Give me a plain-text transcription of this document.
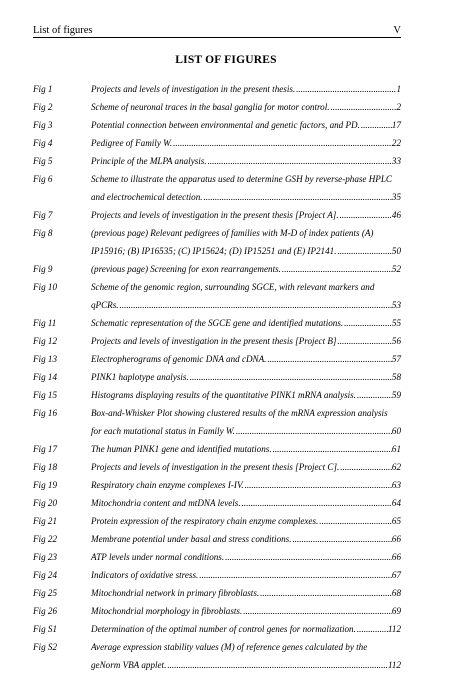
List of figures	V
LIST OF FIGURES
Fig 1	Projects and levels of investigation in the present thesis. .....	1
Fig 2	Scheme of neuronal traces in the basal ganglia for motor control. .....	2
Fig 3	Potential connection between environmental and genetic factors, and PD. .....	17
Fig 4	Pedigree of Family W. .....	22
Fig 5	Principle of the MLPA analysis. .....	33
Fig 6	Scheme to illustrate the apparatus used to determine GSH by reverse-phase HPLC
and electrochemical detection. .....	35
Fig 7	Projects and levels of investigation in the present thesis [Project A]. .....	46
Fig 8	(previous page) Relevant pedigrees of families with M-D of index patients (A)
IP15916; (B) IP16535; (C) IP15624; (D) IP15251 and (E) IP2141. .....	50
Fig 9	(previous page) Screening for exon rearrangements. .....	52
Fig 10	Scheme of the genomic region, surrounding SGCE, with relevant markers and
qPCRs. .....	53
Fig 11	Schematic representation of the SGCE gene and identified mutations. .....	55
Fig 12	Projects and levels of investigation in the present thesis [Project B] .....	56
Fig 13	Electropherograms of genomic DNA and cDNA. .....	57
Fig 14	PINK1 haplotype analysis. .....	58
Fig 15	Histograms displaying results of the quantitative PINK1 mRNA analysis. .....	59
Fig 16	Box-and-Whisker Plot showing clustered results of the mRNA expression analysis
for each mutational status in Family W. .....	60
Fig 17	The human PINK1 gene and identified mutations. .....	61
Fig 18	Projects and levels of investigation in the present thesis [Project C]. .....	62
Fig 19	Respiratory chain enzyme complexes I-IV. .....	63
Fig 20	Mitochondria content and mtDNA levels. .....	64
Fig 21	Protein expression of the respiratory chain enzyme complexes. .....	65
Fig 22	Membrane potential under basal and stress conditions. .....	66
Fig 23	ATP levels under normal conditions. .....	66
Fig 24	Indicators of oxidative stress. .....	67
Fig 25	Mitochondrial network in primary fibroblasts. .....	68
Fig 26	Mitochondrial morphology in fibroblasts. .....	69
Fig S1	Determination of the optimal number of control genes for normalization. .....	112
Fig S2	Average expression stability values (M) of reference genes calculated by the
geNorm VBA applet. .....	112
